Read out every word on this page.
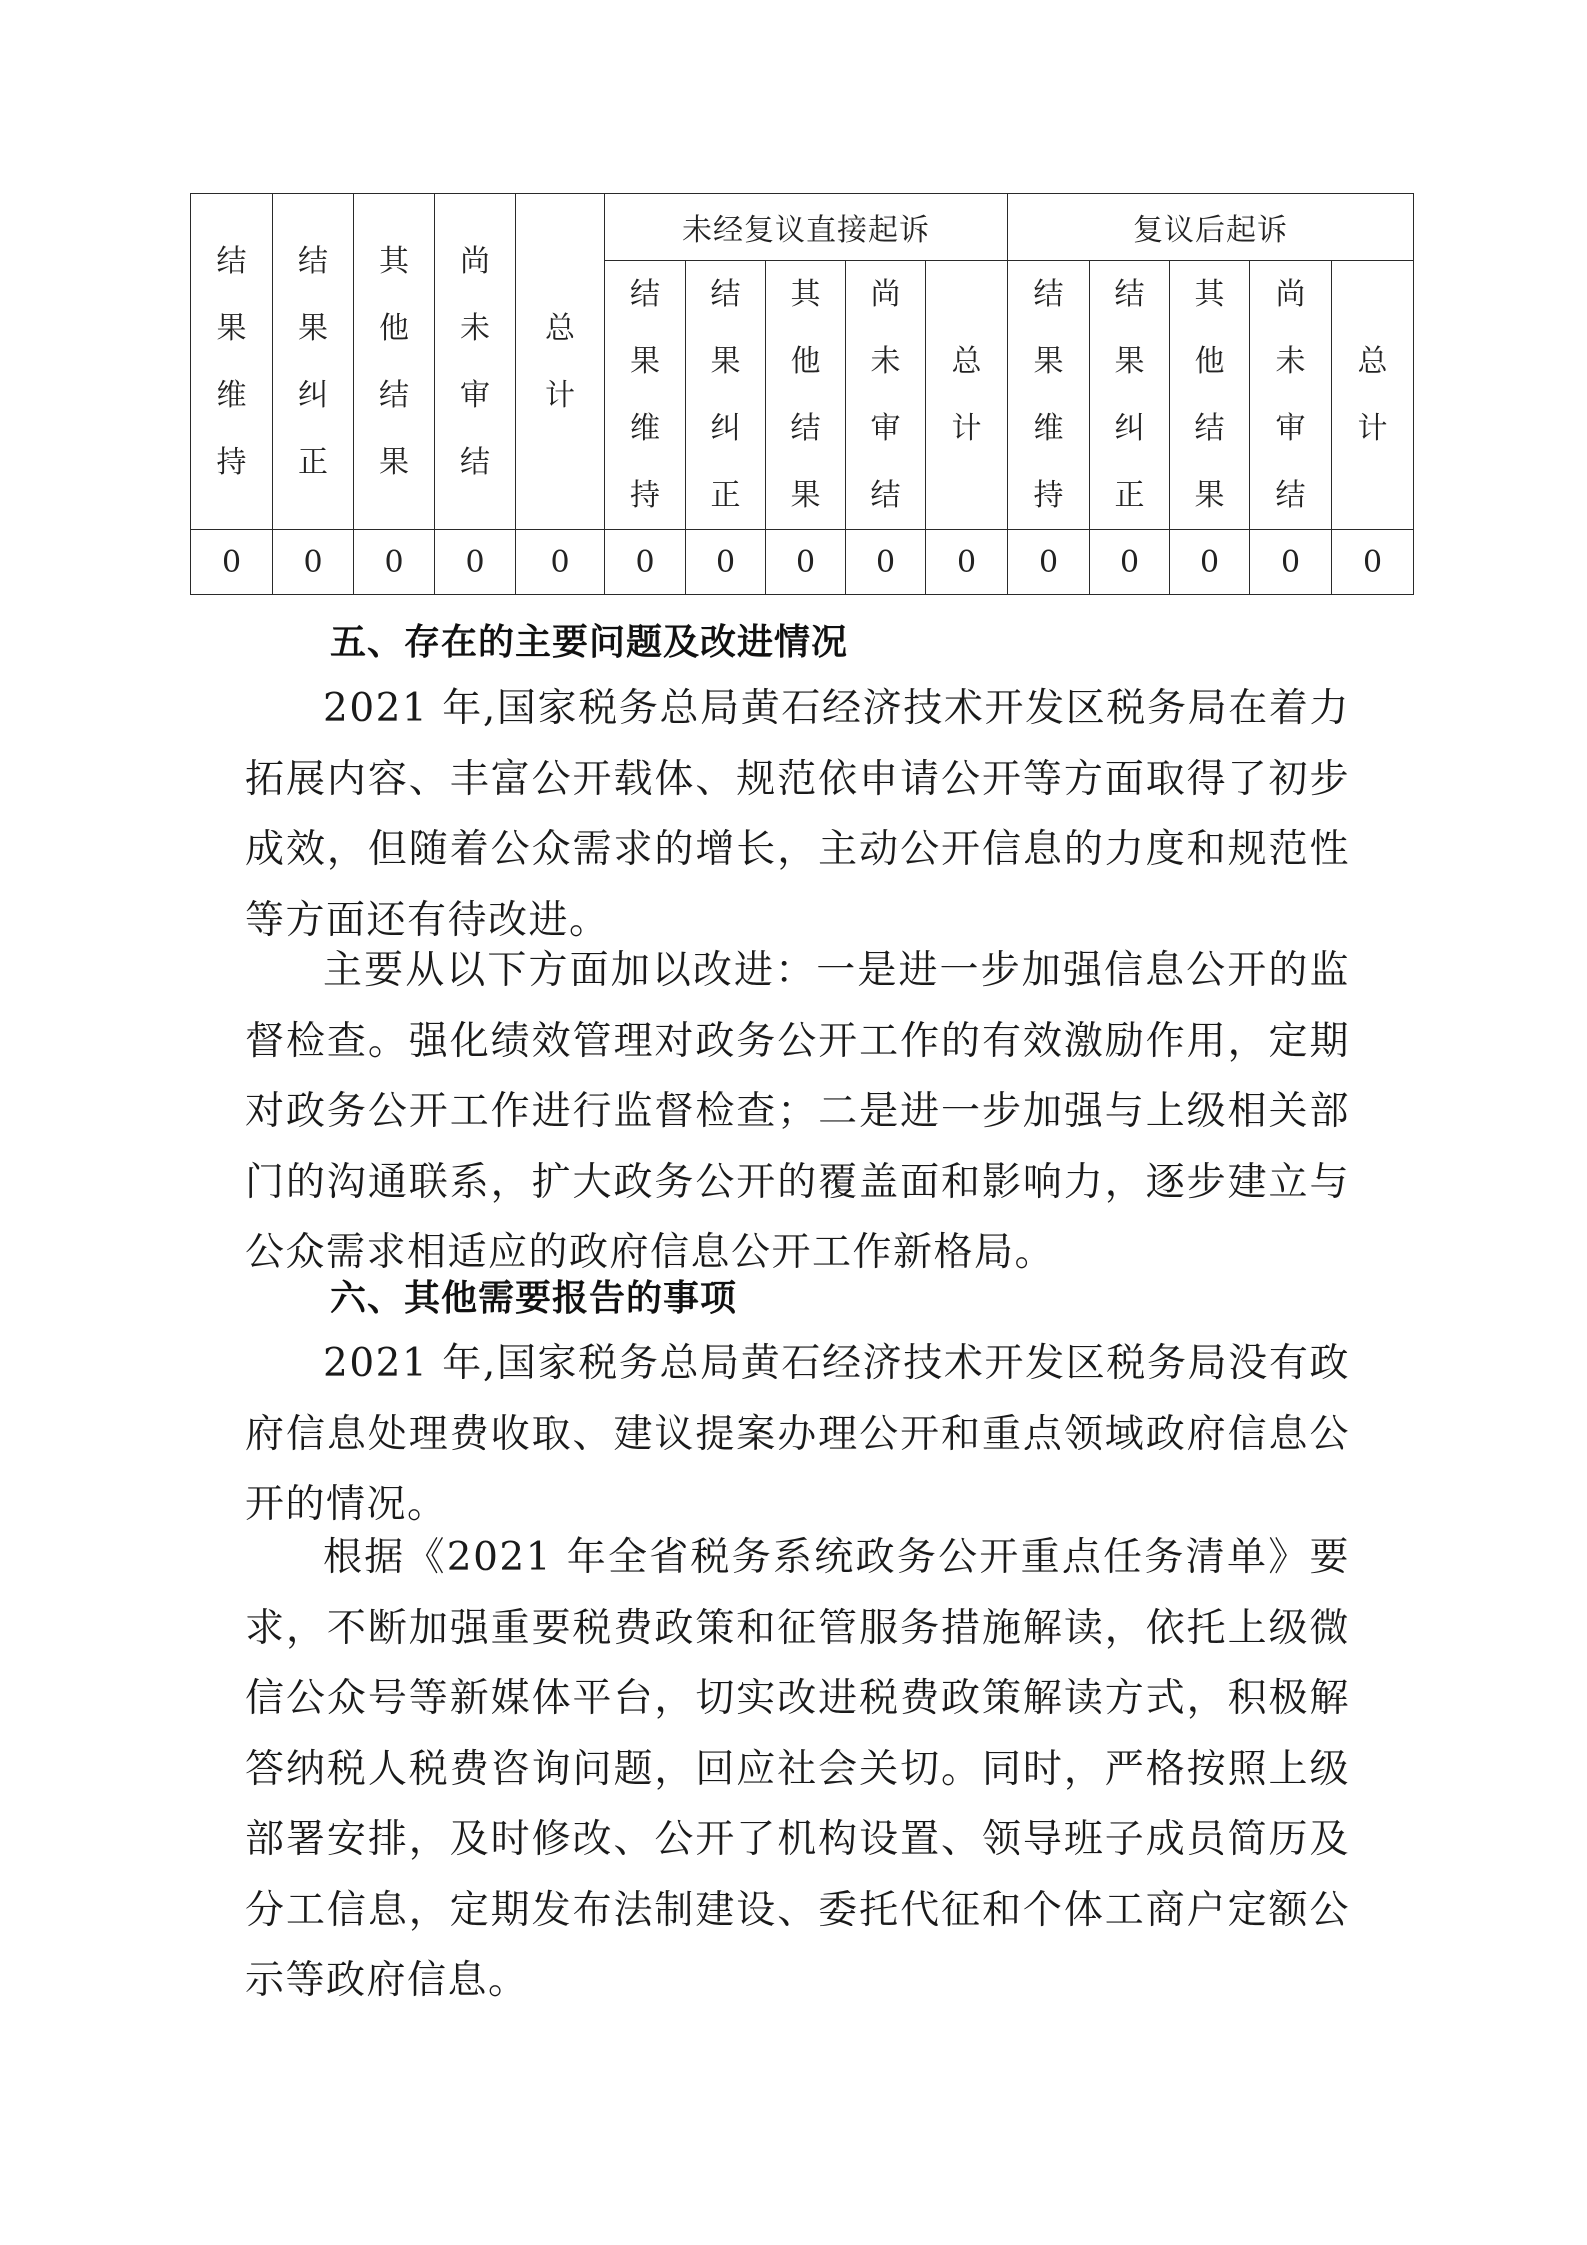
结果维持	结果纠正	其他结果	尚未审结	总计	未经复议直接起诉					复议后起诉				

					结果维持	结果纠正	其他结果	尚未审结	总计	结果维持	结果纠正	其他结果	尚未审结	总计

0	0	0	0	0	0	0	0	0	0	0	0	0	0	0
五、存在的主要问题及改进情况
2021 年,国家税务总局黄石经济技术开发区税务局在着力拓展内容、丰富公开载体、规范依申请公开等方面取得了初步成效，但随着公众需求的增长，主动公开信息的力度和规范性等方面还有待改进。
主要从以下方面加以改进：一是进一步加强信息公开的监督检查。强化绩效管理对政务公开工作的有效激励作用，定期对政务公开工作进行监督检查；二是进一步加强与上级相关部门的沟通联系，扩大政务公开的覆盖面和影响力，逐步建立与公众需求相适应的政府信息公开工作新格局。
六、其他需要报告的事项
2021 年,国家税务总局黄石经济技术开发区税务局没有政府信息处理费收取、建议提案办理公开和重点领域政府信息公开的情况。
根据《2021 年全省税务系统政务公开重点任务清单》要求，不断加强重要税费政策和征管服务措施解读，依托上级微信公众号等新媒体平台，切实改进税费政策解读方式，积极解答纳税人税费咨询问题，回应社会关切。同时，严格按照上级部署安排，及时修改、公开了机构设置、领导班子成员简历及分工信息，定期发布法制建设、委托代征和个体工商户定额公示等政府信息。
